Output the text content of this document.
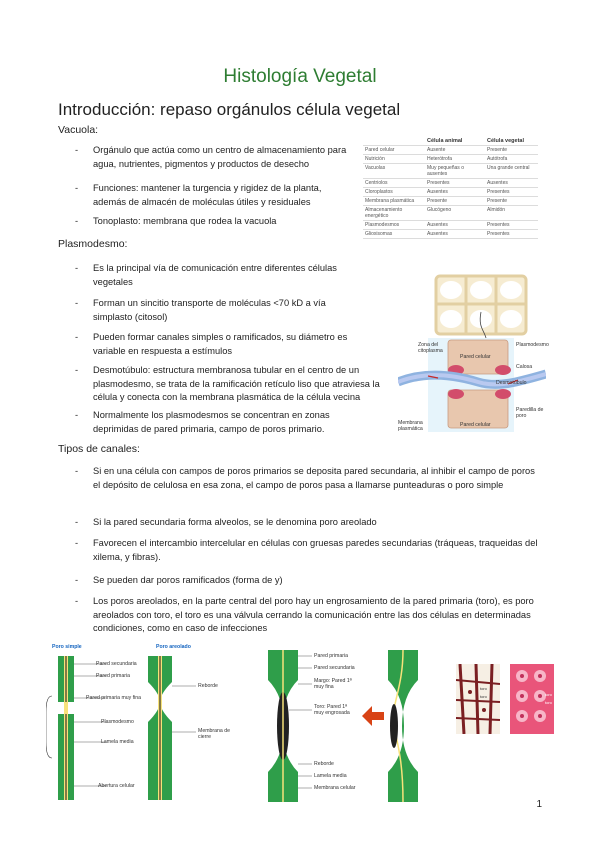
Histología Vegetal
Introducción: repaso orgánulos célula vegetal
Vacuola:
- Orgánulo que actúa como un centro de almacenamiento para agua, nutrientes, pigmentos y productos de desecho
- Funciones: mantener la turgencia y rigidez de la planta, además de almacén de moléculas útiles y residuales
- Tonoplasto: membrana que rodea la vacuola
Plasmodesmo:
- Es la principal vía de comunicación entre diferentes células vegetales
- Forman un sincitio transporte de moléculas <70 kD a vía simplasto (citosol)
- Pueden formar canales simples o ramificados, su diámetro es variable en respuesta a estímulos
- Desmotúbulo: estructura membranosa tubular en el centro de un plasmodesmo, se trata de la ramificación retículo liso que atraviesa la célula y conecta con la membrana plasmática de la célula vecina
- Normalmente los plasmodesmos se concentran en zonas deprimidas de pared primaria, campo de poros primario.
	Célula animal	Célula vegetal
Pared celular	Ausente	Presente
Nutrición	Heterótrofa	Autótrofa
Vacuolas	Muy pequeñas o ausentes	Una grande central
Centriolos	Presentes	Ausentes
Cloroplastos	Ausentes	Presentes
Membrana plasmática	Presente	Presente
Almacenamiento energético	Glucógeno	Almidón
Plasmodesmos	Ausentes	Presentes
Glioxisomas	Ausentes	Presentes
Zona del citoplasma
Plasmodesmo
Pared celular
Calosa
Desmotúbulo
Paredilla de poro
Membrana plasmática
Pared celular
Tipos de canales:
- Si en una célula con campos de poros primarios se deposita pared secundaria, al inhibir el campo de poros el depósito de celulosa en esa zona, el campo de poros pasa a llamarse punteaduras o poro simple
- Si la pared secundaria forma alveolos, se le denomina poro areolado
- Favorecen el intercambio intercelular en células con gruesas paredes secundarias (tráqueas, traqueidas del xilema, y fibras).
- Se pueden dar poros ramificados (forma de y)
- Los poros areolados, en la parte central del poro hay un engrosamiento de la pared primaria (toro), es poro areolados con toro, el toro es una válvula cerrando la comunicación entre las dos células en determinadas condiciones, como en caso de infecciones
Poro simple	Poro areolado
Pared secundaria
Pared primaria
Pared primaria muy fina
Plasmodesmo
Lamela media
Abertura celular
Reborde
Membrana de cierre
Pared primaria
Pared secundaria
Margo: Pared 1ª muy fina
Toro: Pared 1ª muy engrosada
Reborde
Lamela media
Membrana celular
toro
toro	toro
toro
1
